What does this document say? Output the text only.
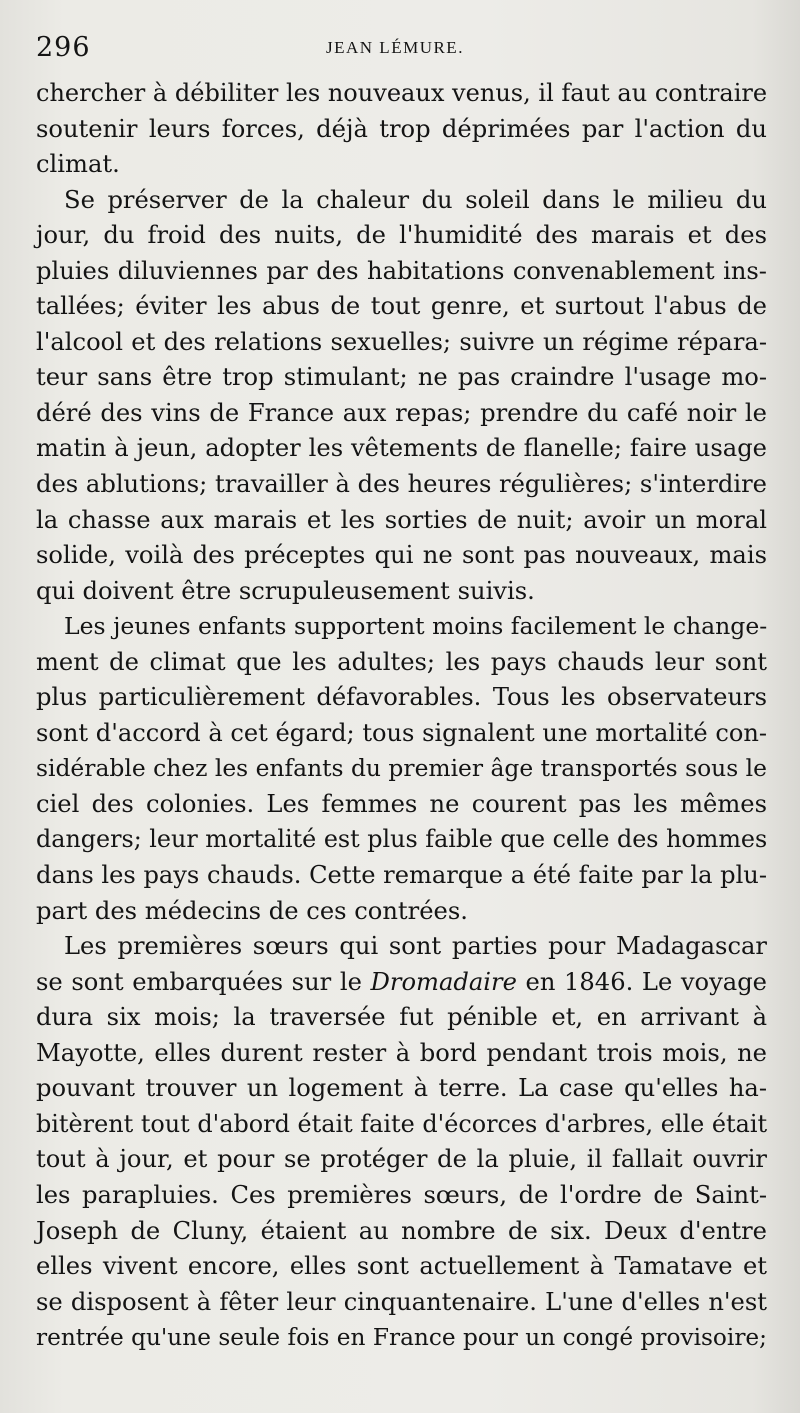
296	JEAN LÉMURE.
chercher à débiliter les nouveaux venus, il faut au contraire
soutenir leurs forces, déjà trop déprimées par l'action du
climat.
Se préserver de la chaleur du soleil dans le milieu du
jour, du froid des nuits, de l'humidité des marais et des
pluies diluviennes par des habitations convenablement ins-
tallées; éviter les abus de tout genre, et surtout l'abus de
l'alcool et des relations sexuelles; suivre un régime répara-
teur sans être trop stimulant; ne pas craindre l'usage mo-
déré des vins de France aux repas; prendre du café noir le
matin à jeun, adopter les vêtements de flanelle; faire usage
des ablutions; travailler à des heures régulières; s'interdire
la chasse aux marais et les sorties de nuit; avoir un moral
solide, voilà des préceptes qui ne sont pas nouveaux, mais
qui doivent être scrupuleusement suivis.
Les jeunes enfants supportent moins facilement le change-
ment de climat que les adultes; les pays chauds leur sont
plus particulièrement défavorables. Tous les observateurs
sont d'accord à cet égard; tous signalent une mortalité con-
sidérable chez les enfants du premier âge transportés sous le
ciel des colonies. Les femmes ne courent pas les mêmes
dangers; leur mortalité est plus faible que celle des hommes
dans les pays chauds. Cette remarque a été faite par la plu-
part des médecins de ces contrées.
Les premières sœurs qui sont parties pour Madagascar
se sont embarquées sur le Dromadaire en 1846. Le voyage
dura six mois; la traversée fut pénible et, en arrivant à
Mayotte, elles durent rester à bord pendant trois mois, ne
pouvant trouver un logement à terre. La case qu'elles ha-
bitèrent tout d'abord était faite d'écorces d'arbres, elle était
tout à jour, et pour se protéger de la pluie, il fallait ouvrir
les parapluies. Ces premières sœurs, de l'ordre de Saint-
Joseph de Cluny, étaient au nombre de six. Deux d'entre
elles vivent encore, elles sont actuellement à Tamatave et
se disposent à fêter leur cinquantenaire. L'une d'elles n'est
rentrée qu'une seule fois en France pour un congé provisoire;
